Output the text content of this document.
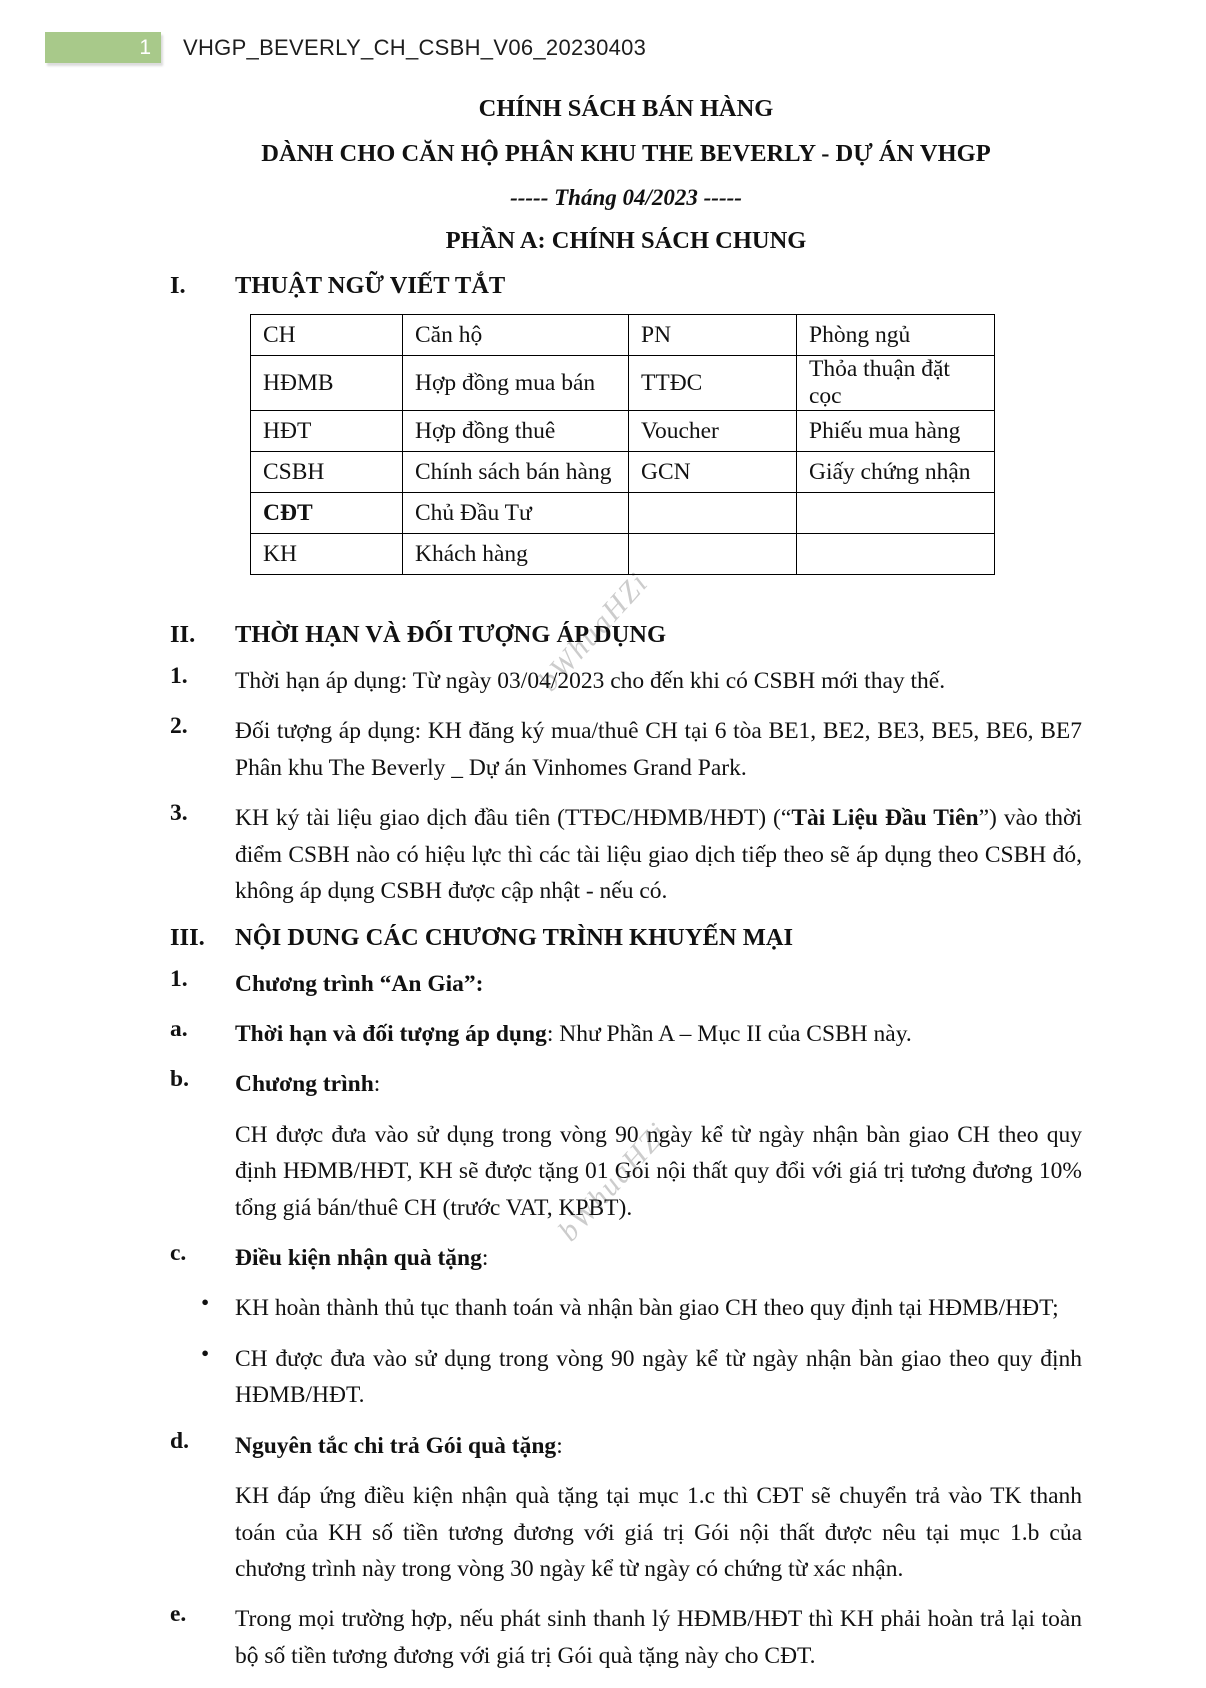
bWhuaHZi
bWhuaHZi
1	VHGP_BEVERLY_CH_CSBH_V06_20230403
CHÍNH SÁCH BÁN HÀNG
DÀNH CHO CĂN HỘ PHÂN KHU THE BEVERLY - DỰ ÁN VHGP
----- Tháng 04/2023 -----
PHẦN A: CHÍNH SÁCH CHUNG
I.	THUẬT NGỮ VIẾT TẮT
CH	Căn hộ	PN	Phòng ngủ
HĐMB	Hợp đồng mua bán	TTĐC	Thỏa thuận đặt cọc
HĐT	Hợp đồng thuê	Voucher	Phiếu mua hàng
CSBH	Chính sách bán hàng	GCN	Giấy chứng nhận
CĐT	Chủ Đầu Tư		
KH	Khách hàng		
II.	THỜI HẠN VÀ ĐỐI TƯỢNG ÁP DỤNG
1.	Thời hạn áp dụng: Từ ngày 03/04/2023 cho đến khi có CSBH mới thay thế.
2.	Đối tượng áp dụng: KH đăng ký mua/thuê CH tại 6 tòa BE1, BE2, BE3, BE5, BE6, BE7 Phân khu The Beverly _ Dự án Vinhomes Grand Park.
3.	KH ký tài liệu giao dịch đầu tiên (TTĐC/HĐMB/HĐT) (“Tài Liệu Đầu Tiên”) vào thời điểm CSBH nào có hiệu lực thì các tài liệu giao dịch tiếp theo sẽ áp dụng theo CSBH đó, không áp dụng CSBH được cập nhật - nếu có.
III.	NỘI DUNG CÁC CHƯƠNG TRÌNH KHUYẾN MẠI
1.	Chương trình “An Gia”:
a.	Thời hạn và đối tượng áp dụng: Như Phần A – Mục II của CSBH này.
b.	Chương trình:

CH được đưa vào sử dụng trong vòng 90 ngày kể từ ngày nhận bàn giao CH theo quy định HĐMB/HĐT, KH sẽ được tặng 01 Gói nội thất quy đổi với giá trị tương đương 10% tổng giá bán/thuê CH (trước VAT, KPBT).

c.	Điều kiện nhận quà tặng:
•	KH hoàn thành thủ tục thanh toán và nhận bàn giao CH theo quy định tại HĐMB/HĐT;
•	CH được đưa vào sử dụng trong vòng 90 ngày kể từ ngày nhận bàn giao theo quy định HĐMB/HĐT.
d.	Nguyên tắc chi trả Gói quà tặng:

KH đáp ứng điều kiện nhận quà tặng tại mục 1.c thì CĐT sẽ chuyển trả vào TK thanh toán của KH số tiền tương đương với giá trị Gói nội thất được nêu tại mục 1.b của chương trình này trong vòng 30 ngày kể từ ngày có chứng từ xác nhận.

e.	Trong mọi trường hợp, nếu phát sinh thanh lý HĐMB/HĐT thì KH phải hoàn trả lại toàn bộ số tiền tương đương với giá trị Gói quà tặng này cho CĐT.
